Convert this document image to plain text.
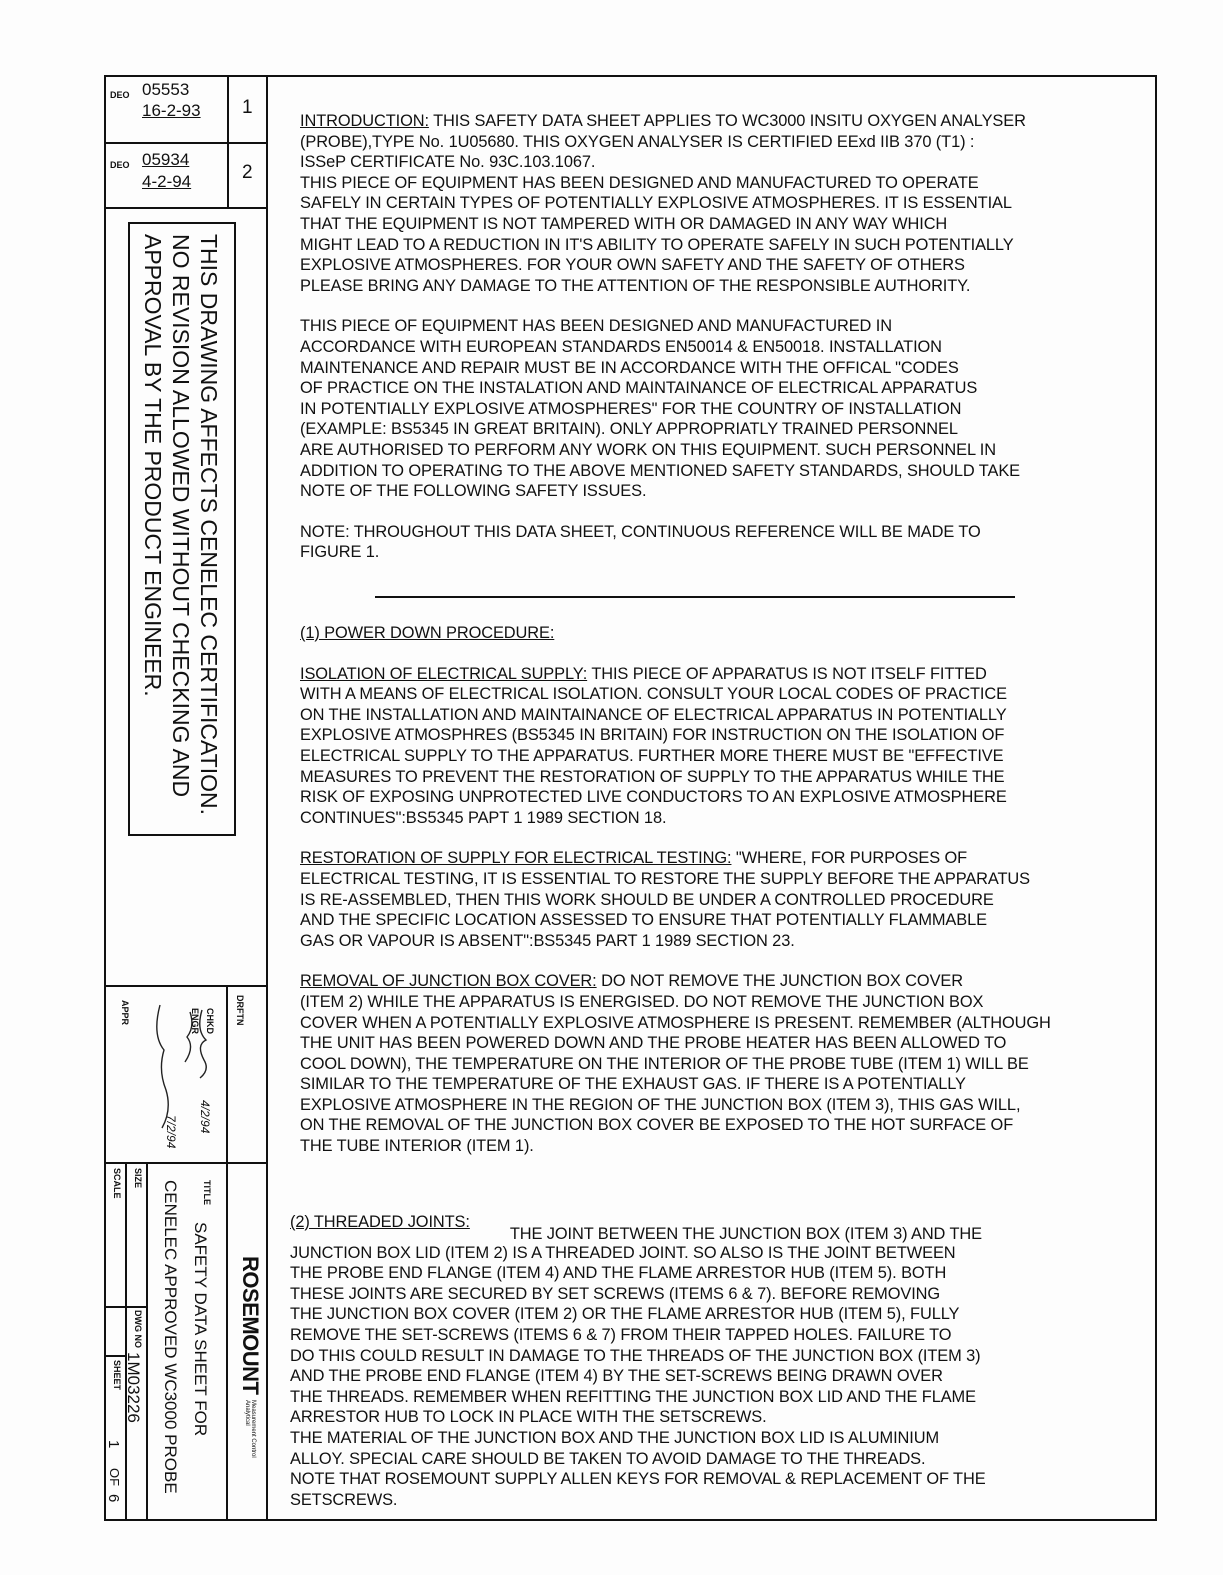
DEO 05553
16-2-93 1
DEO 05934
4-2-94	2
THIS DRAWING AFFECTS CENELEC CERTIFICATION.
NO REVISION ALLOWED WITHOUT CHECKING AND
APPROVAL BY THE PRODUCT ENGINEER.
DRFTN
CHKD
ENGR
APPR
4/2/94
7/2/94
ROSEMOUNT
Measurement Control Analytical
TITLE
SAFETY DATA SHEET FOR
CENELEC APPROVED WC3000 PROBE
SIZE
SCALE
DWG NO
1M03226
SHEET
1
OF
6

INTRODUCTION: THIS SAFETY DATA SHEET APPLIES TO WC3000 INSITU OXYGEN ANALYSER

(PROBE),TYPE No. 1U05680. THIS OXYGEN ANALYSER IS CERTIFIED EExd IIB 370 (T1) :
ISSeP CERTIFICATE No. 93C.103.1067.
THIS PIECE OF EQUIPMENT HAS BEEN DESIGNED AND MANUFACTURED TO OPERATE
SAFELY IN CERTAIN TYPES OF POTENTIALLY EXPLOSIVE ATMOSPHERES. IT IS ESSENTIAL
THAT THE EQUIPMENT IS NOT TAMPERED WITH OR DAMAGED IN ANY WAY WHICH
MIGHT LEAD TO A REDUCTION IN IT'S ABILITY TO OPERATE SAFELY IN SUCH POTENTIALLY
EXPLOSIVE ATMOSPHERES. FOR YOUR OWN SAFETY AND THE SAFETY OF OTHERS
PLEASE BRING ANY DAMAGE TO THE ATTENTION OF THE RESPONSIBLE AUTHORITY.

THIS PIECE OF EQUIPMENT HAS BEEN DESIGNED AND MANUFACTURED IN
ACCORDANCE WITH EUROPEAN STANDARDS EN50014 & EN50018. INSTALLATION
MAINTENANCE AND REPAIR MUST BE IN ACCORDANCE WITH THE OFFICAL "CODES
OF PRACTICE ON THE INSTALATION AND MAINTAINANCE OF ELECTRICAL APPARATUS
IN POTENTIALLY EXPLOSIVE ATMOSPHERES" FOR THE COUNTRY OF INSTALLATION
(EXAMPLE: BS5345 IN GREAT BRITAIN). ONLY APPROPRIATLY TRAINED PERSONNEL
ARE AUTHORISED TO PERFORM ANY WORK ON THIS EQUIPMENT. SUCH PERSONNEL IN
ADDITION TO OPERATING TO THE ABOVE MENTIONED SAFETY STANDARDS, SHOULD TAKE
NOTE OF THE FOLLOWING SAFETY ISSUES.

NOTE: THROUGHOUT THIS DATA SHEET, CONTINUOUS REFERENCE WILL BE MADE TO
FIGURE 1.

(1) POWER DOWN PROCEDURE:

ISOLATION OF ELECTRICAL SUPPLY: THIS PIECE OF APPARATUS IS NOT ITSELF FITTED

WITH A MEANS OF ELECTRICAL ISOLATION. CONSULT YOUR LOCAL CODES OF PRACTICE
ON THE INSTALLATION AND MAINTAINANCE OF ELECTRICAL APPARATUS IN POTENTIALLY
EXPLOSIVE ATMOSPHRES (BS5345 IN BRITAIN) FOR INSTRUCTION ON THE ISOLATION OF
ELECTRICAL SUPPLY TO THE APPARATUS. FURTHER MORE THERE MUST BE "EFFECTIVE
MEASURES TO PREVENT THE RESTORATION OF SUPPLY TO THE APPARATUS WHILE THE
RISK OF EXPOSING UNPROTECTED LIVE CONDUCTORS TO AN EXPLOSIVE ATMOSPHERE
CONTINUES":BS5345 PAPT 1 1989 SECTION 18.

RESTORATION OF SUPPLY FOR ELECTRICAL TESTING: "WHERE, FOR PURPOSES OF

ELECTRICAL TESTING, IT IS ESSENTIAL TO RESTORE THE SUPPLY BEFORE THE APPARATUS
IS RE-ASSEMBLED, THEN THIS WORK SHOULD BE UNDER A CONTROLLED PROCEDURE
AND THE SPECIFIC LOCATION ASSESSED TO ENSURE THAT POTENTIALLY FLAMMABLE
GAS OR VAPOUR IS ABSENT":BS5345 PART 1 1989 SECTION 23.

REMOVAL OF JUNCTION BOX COVER: DO NOT REMOVE THE JUNCTION BOX COVER

(ITEM 2) WHILE THE APPARATUS IS ENERGISED. DO NOT REMOVE THE JUNCTION BOX
COVER WHEN A POTENTIALLY EXPLOSIVE ATMOSPHERE IS PRESENT. REMEMBER (ALTHOUGH
THE UNIT HAS BEEN POWERED DOWN AND THE PROBE HEATER HAS BEEN ALLOWED TO
COOL DOWN), THE TEMPERATURE ON THE INTERIOR OF THE PROBE TUBE (ITEM 1) WILL BE
SIMILAR TO THE TEMPERATURE OF THE EXHAUST GAS. IF THERE IS A POTENTIALLY
EXPLOSIVE ATMOSPHERE IN THE REGION OF THE JUNCTION BOX (ITEM 3), THIS GAS WILL,
ON THE REMOVAL OF THE JUNCTION BOX COVER BE EXPOSED TO THE HOT SURFACE OF
THE TUBE INTERIOR (ITEM 1).

(2) THREADED JOINTS:THE JOINT BETWEEN THE JUNCTION BOX (ITEM 3) AND THE

JUNCTION BOX LID (ITEM 2) IS A THREADED JOINT. SO ALSO IS THE JOINT BETWEEN
THE PROBE END FLANGE (ITEM 4) AND THE FLAME ARRESTOR HUB (ITEM 5). BOTH
THESE JOINTS ARE SECURED BY SET SCREWS (ITEMS 6 & 7). BEFORE REMOVING
THE JUNCTION BOX COVER (ITEM 2) OR THE FLAME ARRESTOR HUB (ITEM 5), FULLY
REMOVE THE SET-SCREWS (ITEMS 6 & 7) FROM THEIR TAPPED HOLES. FAILURE TO
DO THIS COULD RESULT IN DAMAGE TO THE THREADS OF THE JUNCTION BOX (ITEM 3)
AND THE PROBE END FLANGE (ITEM 4) BY THE SET-SCREWS BEING DRAWN OVER
THE THREADS. REMEMBER WHEN REFITTING THE JUNCTION BOX LID AND THE FLAME
ARRESTOR HUB TO LOCK IN PLACE WITH THE SETSCREWS.
THE MATERIAL OF THE JUNCTION BOX AND THE JUNCTION BOX LID IS ALUMINIUM
ALLOY. SPECIAL CARE SHOULD BE TAKEN TO AVOID DAMAGE TO THE THREADS.
NOTE THAT ROSEMOUNT SUPPLY ALLEN KEYS FOR REMOVAL & REPLACEMENT OF THE
SETSCREWS.
